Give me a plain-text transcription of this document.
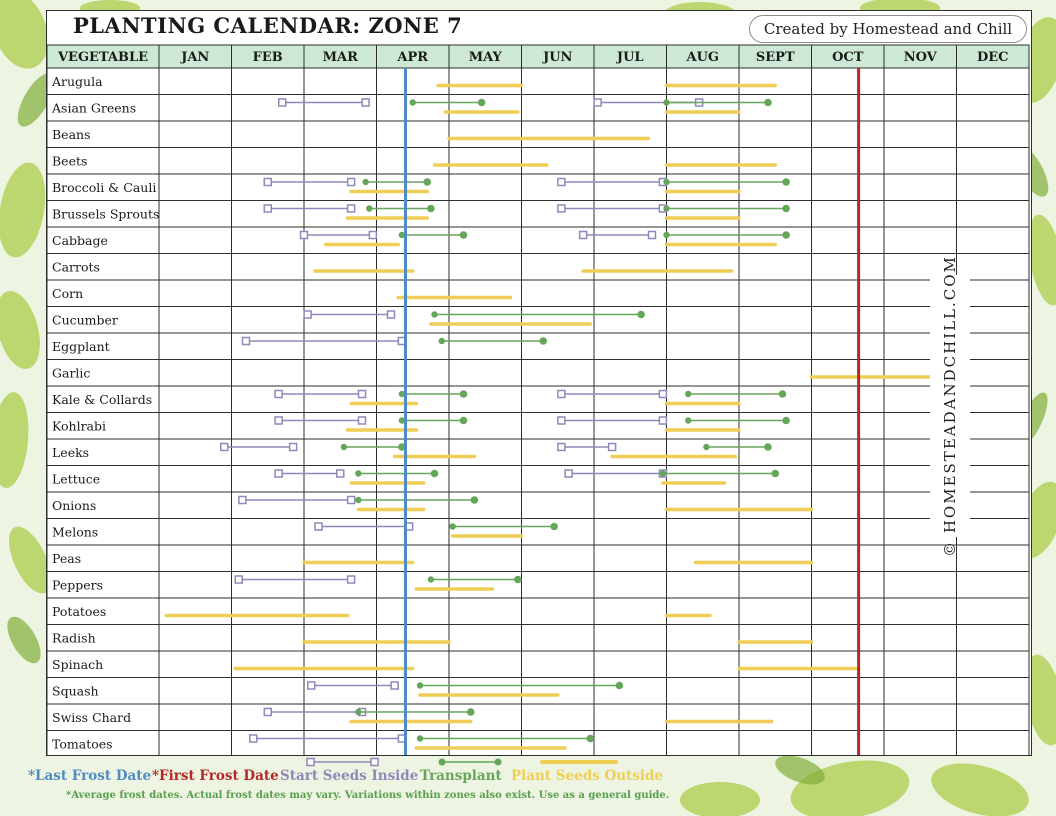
PLANTING CALENDAR: ZONE 7	Created by Homestead and Chill
VEGETABLE	JAN	FEB	MAR	APR	MAY	JUN	JUL	AUG	SEPT	OCT	NOV	DEC
Arugula
Asian Greens
Beans
Beets
Broccoli & Cauli
Brussels Sprouts
Cabbage
Carrots
Corn
Cucumber
Eggplant
Garlic
Kale & Collards
Kohlrabi
Leeks
Lettuce
Onions
Melons
Peas
Peppers
Potatoes
Radish
Spinach
Squash
Swiss Chard
Tomatoes
© HOMESTEADANDCHILL.COM
*Last Frost Date *First Frost Date Start Seeds Inside Transplant Plant Seeds Outside
*Average frost dates. Actual frost dates may vary. Variations within zones also exist. Use as a general guide.
